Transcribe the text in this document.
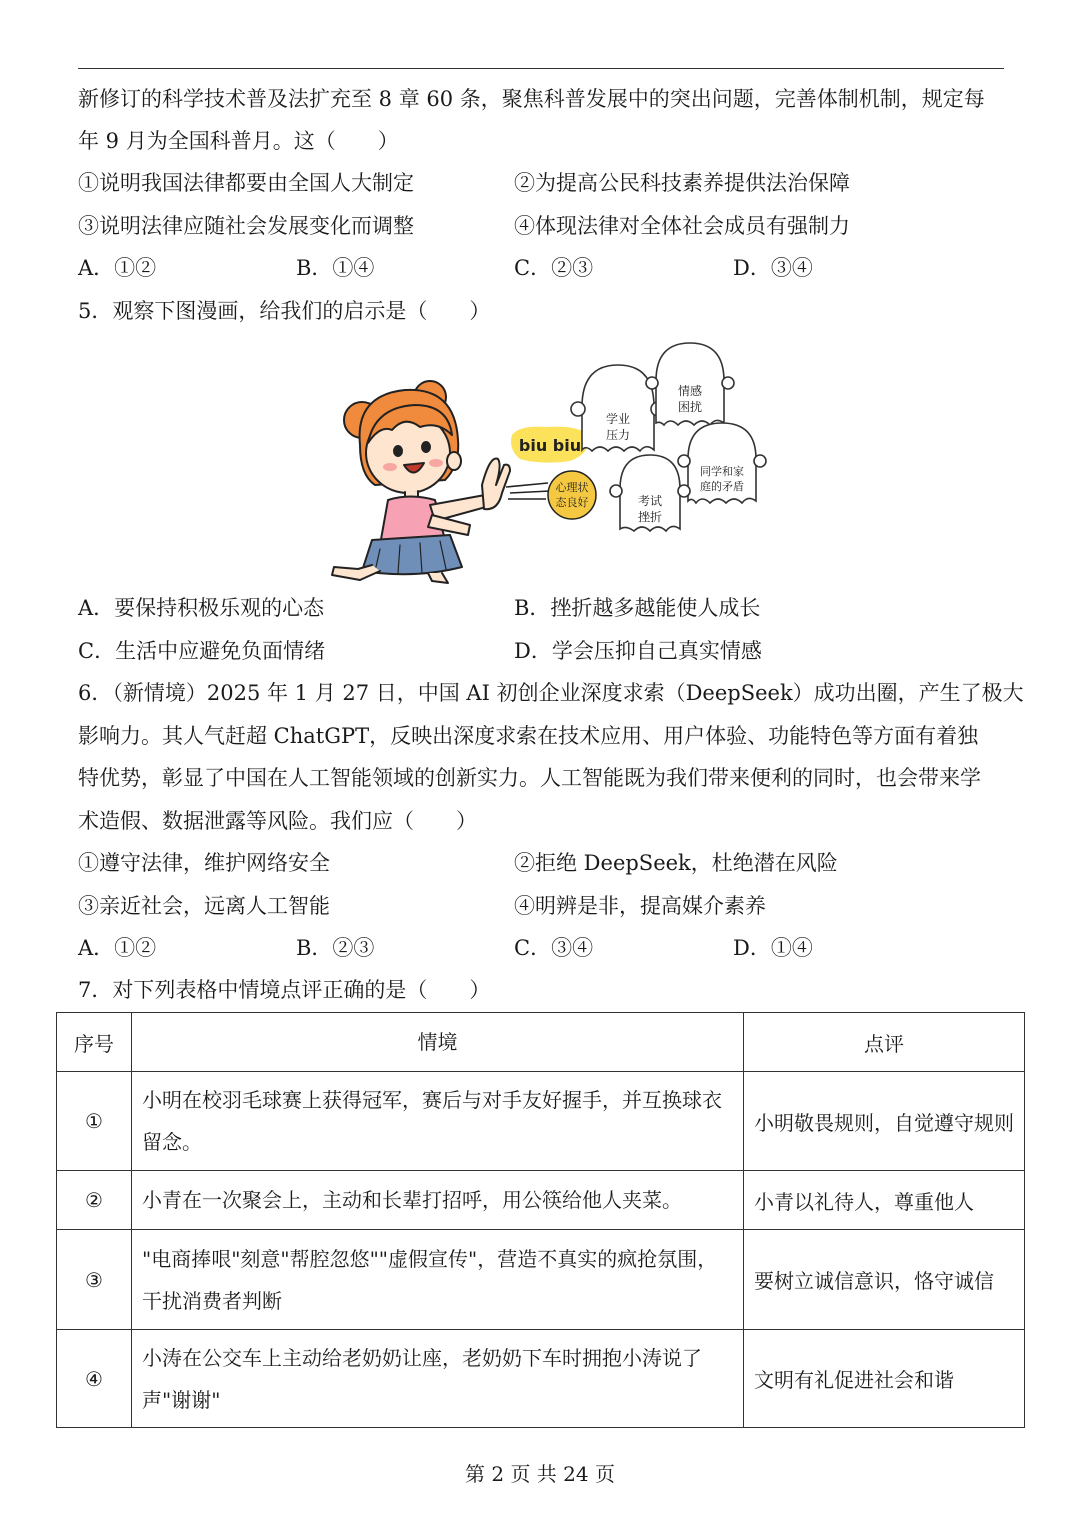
新修订的科学技术普及法扩充至 8 章 60 条，聚焦科普发展中的突出问题，完善体制机制，规定每
年 9 月为全国科普月。这（　　）
①说明我国法律都要由全国人大制定	②为提高公民科技素养提供法治保障
③说明法律应随社会发展变化而调整	④体现法律对全体社会成员有强制力
A．①②	B．①④	C．②③	D．③④
5．观察下图漫画，给我们的启示是（　　）
biu biu
心理状
态良好
学业
压力
情感
困扰
同学和家
庭的矛盾
考试
挫折
A．要保持积极乐观的心态	B．挫折越多越能使人成长
C．生活中应避免负面情绪	D．学会压抑自己真实情感
6．（新情境）2025 年 1 月 27 日，中国 AI 初创企业深度求索（DeepSeek）成功出圈，产生了极大
影响力。其人气赶超 ChatGPT，反映出深度求索在技术应用、用户体验、功能特色等方面有着独
特优势，彰显了中国在人工智能领域的创新实力。人工智能既为我们带来便利的同时，也会带来学
术造假、数据泄露等风险。我们应（　　）
①遵守法律，维护网络安全	②拒绝 DeepSeek，杜绝潜在风险
③亲近社会，远离人工智能	④明辨是非，提高媒介素养
A．①②	B．②③	C．③④	D．①④
7．对下列表格中情境点评正确的是（　　）
序号	情境	点评
①	小明在校羽毛球赛上获得冠军，赛后与对手友好握手，并互换球衣留念。	小明敬畏规则，自觉遵守规则
②	小青在一次聚会上，主动和长辈打招呼，用公筷给他人夹菜。	小青以礼待人，尊重他人
③	"电商捧哏"刻意"帮腔忽悠""虚假宣传"，营造不真实的疯抢氛围，干扰消费者判断	要树立诚信意识，恪守诚信
④	小涛在公交车上主动给老奶奶让座，老奶奶下车时拥抱小涛说了声"谢谢"	文明有礼促进社会和谐
第 2 页 共 24 页
